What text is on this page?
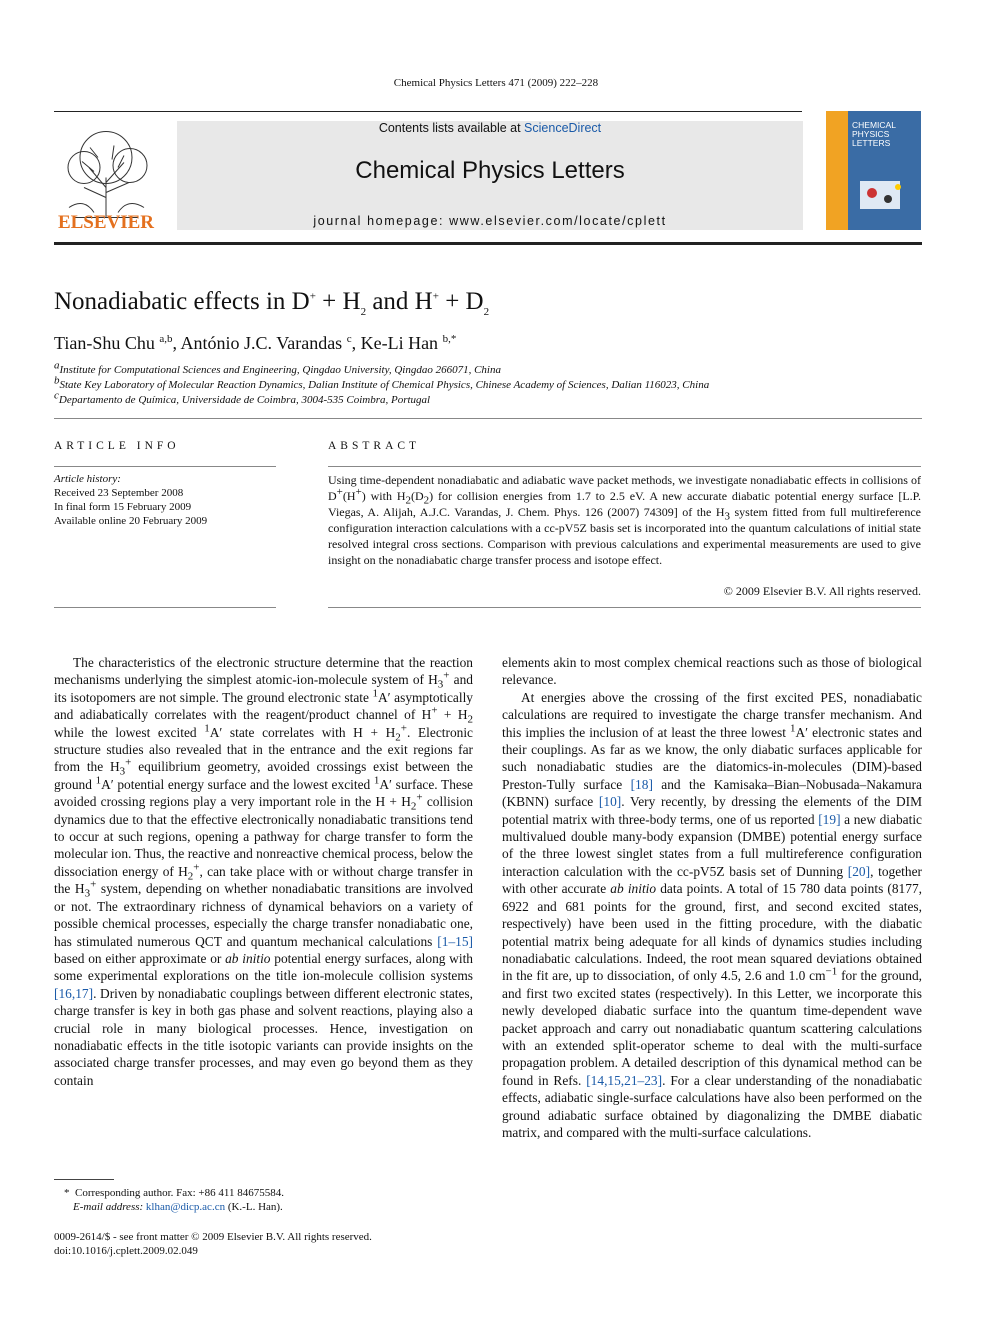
Chemical Physics Letters 471 (2009) 222–228
ELSEVIER
Contents lists available at ScienceDirect
Chemical Physics Letters
journal homepage: www.elsevier.com/locate/cplett
CHEMICAL
PHYSICS
LETTERS
Nonadiabatic effects in $D^+ + H_2$ and $H^+ + D_2$
Tian-Shu Chu $^{a,b}$, António J.C. Varandas $^c$, Ke-Li Han $^{b,*}$
aInstitute for Computational Sciences and Engineering, Qingdao University, Qingdao 266071, China
bState Key Laboratory of Molecular Reaction Dynamics, Dalian Institute of Chemical Physics, Chinese Academy of Sciences, Dalian 116023, China
cDepartamento de Química, Universidade de Coimbra, 3004-535 Coimbra, Portugal
ARTICLE INFO	ABSTRACT
Article history:
Received 23 September 2008
In final form 15 February 2009
Available online 20 February 2009
Using time-dependent nonadiabatic and adiabatic wave packet methods, we investigate nonadiabatic effects in collisions of D+(H+) with H2(D2) for collision energies from 1.7 to 2.5 eV. A new accurate diabatic potential energy surface [L.P. Viegas, A. Alijah, A.J.C. Varandas, J. Chem. Phys. 126 (2007) 74309] of the H3 system fitted from full multireference configuration interaction calculations with a cc-pV5Z basis set is incorporated into the quantum calculations of initial state resolved integral cross sections. Comparison with previous calculations and experimental measurements are used to give insight on the nonadiabatic charge transfer process and isotope effect.
© 2009 Elsevier B.V. All rights reserved.

The characteristics of the electronic structure determine that the reaction mechanisms underlying the simplest atomic-ion-molecule system of $H_3^+$ and its isotopomers are not simple. The ground electronic state $^1$A′ asymptotically and adiabatically correlates with the reagent/product channel of $H^+ + H_2$ while the lowest excited $^1$A′ state correlates with $H + H_2^+$. Electronic structure studies also revealed that in the entrance and the exit regions far from the $H_3^+$ equilibrium geometry, avoided crossings exist between the ground $^1$A′ potential energy surface and the lowest excited $^1$A′ surface. These avoided crossing regions play a very important role in the $H + H_2^+$ collision dynamics due to that the effective electronically nonadiabatic transitions tend to occur at such regions, opening a pathway for charge transfer to form the molecular ion. Thus, the reactive and nonreactive chemical process, below the dissociation energy of $H_2^+$, can take place with or without charge transfer in the $H_3^+$ system, depending on whether nonadiabatic transitions are involved or not. The extraordinary richness of dynamical behaviors on a variety of possible chemical processes, especially the charge transfer nonadiabatic one, has stimulated numerous QCT and quantum mechanical calculations [1–15] based on either approximate or ab initio potential energy surfaces, along with some experimental explorations on the title ion-molecule collision systems [16,17]. Driven by nonadiabatic couplings between different electronic states, charge transfer is key in both gas phase and solvent reactions, playing also a crucial role in many biological processes. Hence, investigation on nonadiabatic effects in the title isotopic variants can provide insights on the associated charge transfer processes, and may even go beyond them as they contain

elements akin to most complex chemical reactions such as those of biological relevance.

At energies above the crossing of the first excited PES, nonadiabatic calculations are required to investigate the charge transfer mechanism. And this implies the inclusion of at least the three lowest $^1$A′ electronic states and their couplings. As far as we know, the only diabatic surfaces applicable for such nonadiabatic studies are the diatomics-in-molecules (DIM)-based Preston-Tully surface [18] and the Kamisaka–Bian–Nobusada–Nakamura (KBNN) surface [10]. Very recently, by dressing the elements of the DIM potential matrix with three-body terms, one of us reported [19] a new diabatic multivalued double many-body expansion (DMBE) potential energy surface of the three lowest singlet states from a full multireference configuration interaction calculation with the cc-pV5Z basis set of Dunning [20], together with other accurate ab initio data points. A total of 15 780 data points (8177, 6922 and 681 points for the ground, first, and second excited states, respectively) have been used in the fitting procedure, with the diabatic potential matrix being adequate for all kinds of dynamics studies including nonadiabatic calculations. Indeed, the root mean squared deviations obtained in the fit are, up to dissociation, of only 4.5, 2.6 and 1.0 $cm^{-1}$ for the ground, and first two excited states (respectively). In this Letter, we incorporate this newly developed diabatic surface into the quantum time-dependent wave packet approach and carry out nonadiabatic quantum scattering calculations with an extended split-operator scheme to deal with the multi-surface propagation problem. A detailed description of this dynamical method can be found in Refs. [14,15,21–23]. For a clear understanding of the nonadiabatic effects, adiabatic single-surface calculations have also been performed on the ground adiabatic surface obtained by diagonalizing the DMBE diabatic matrix, and compared with the multi-surface calculations.

* Corresponding author. Fax: +86 411 84675584.
E-mail address: klhan@dicp.ac.cn (K.-L. Han).
0009-2614/$ - see front matter © 2009 Elsevier B.V. All rights reserved.
doi:10.1016/j.cplett.2009.02.049
